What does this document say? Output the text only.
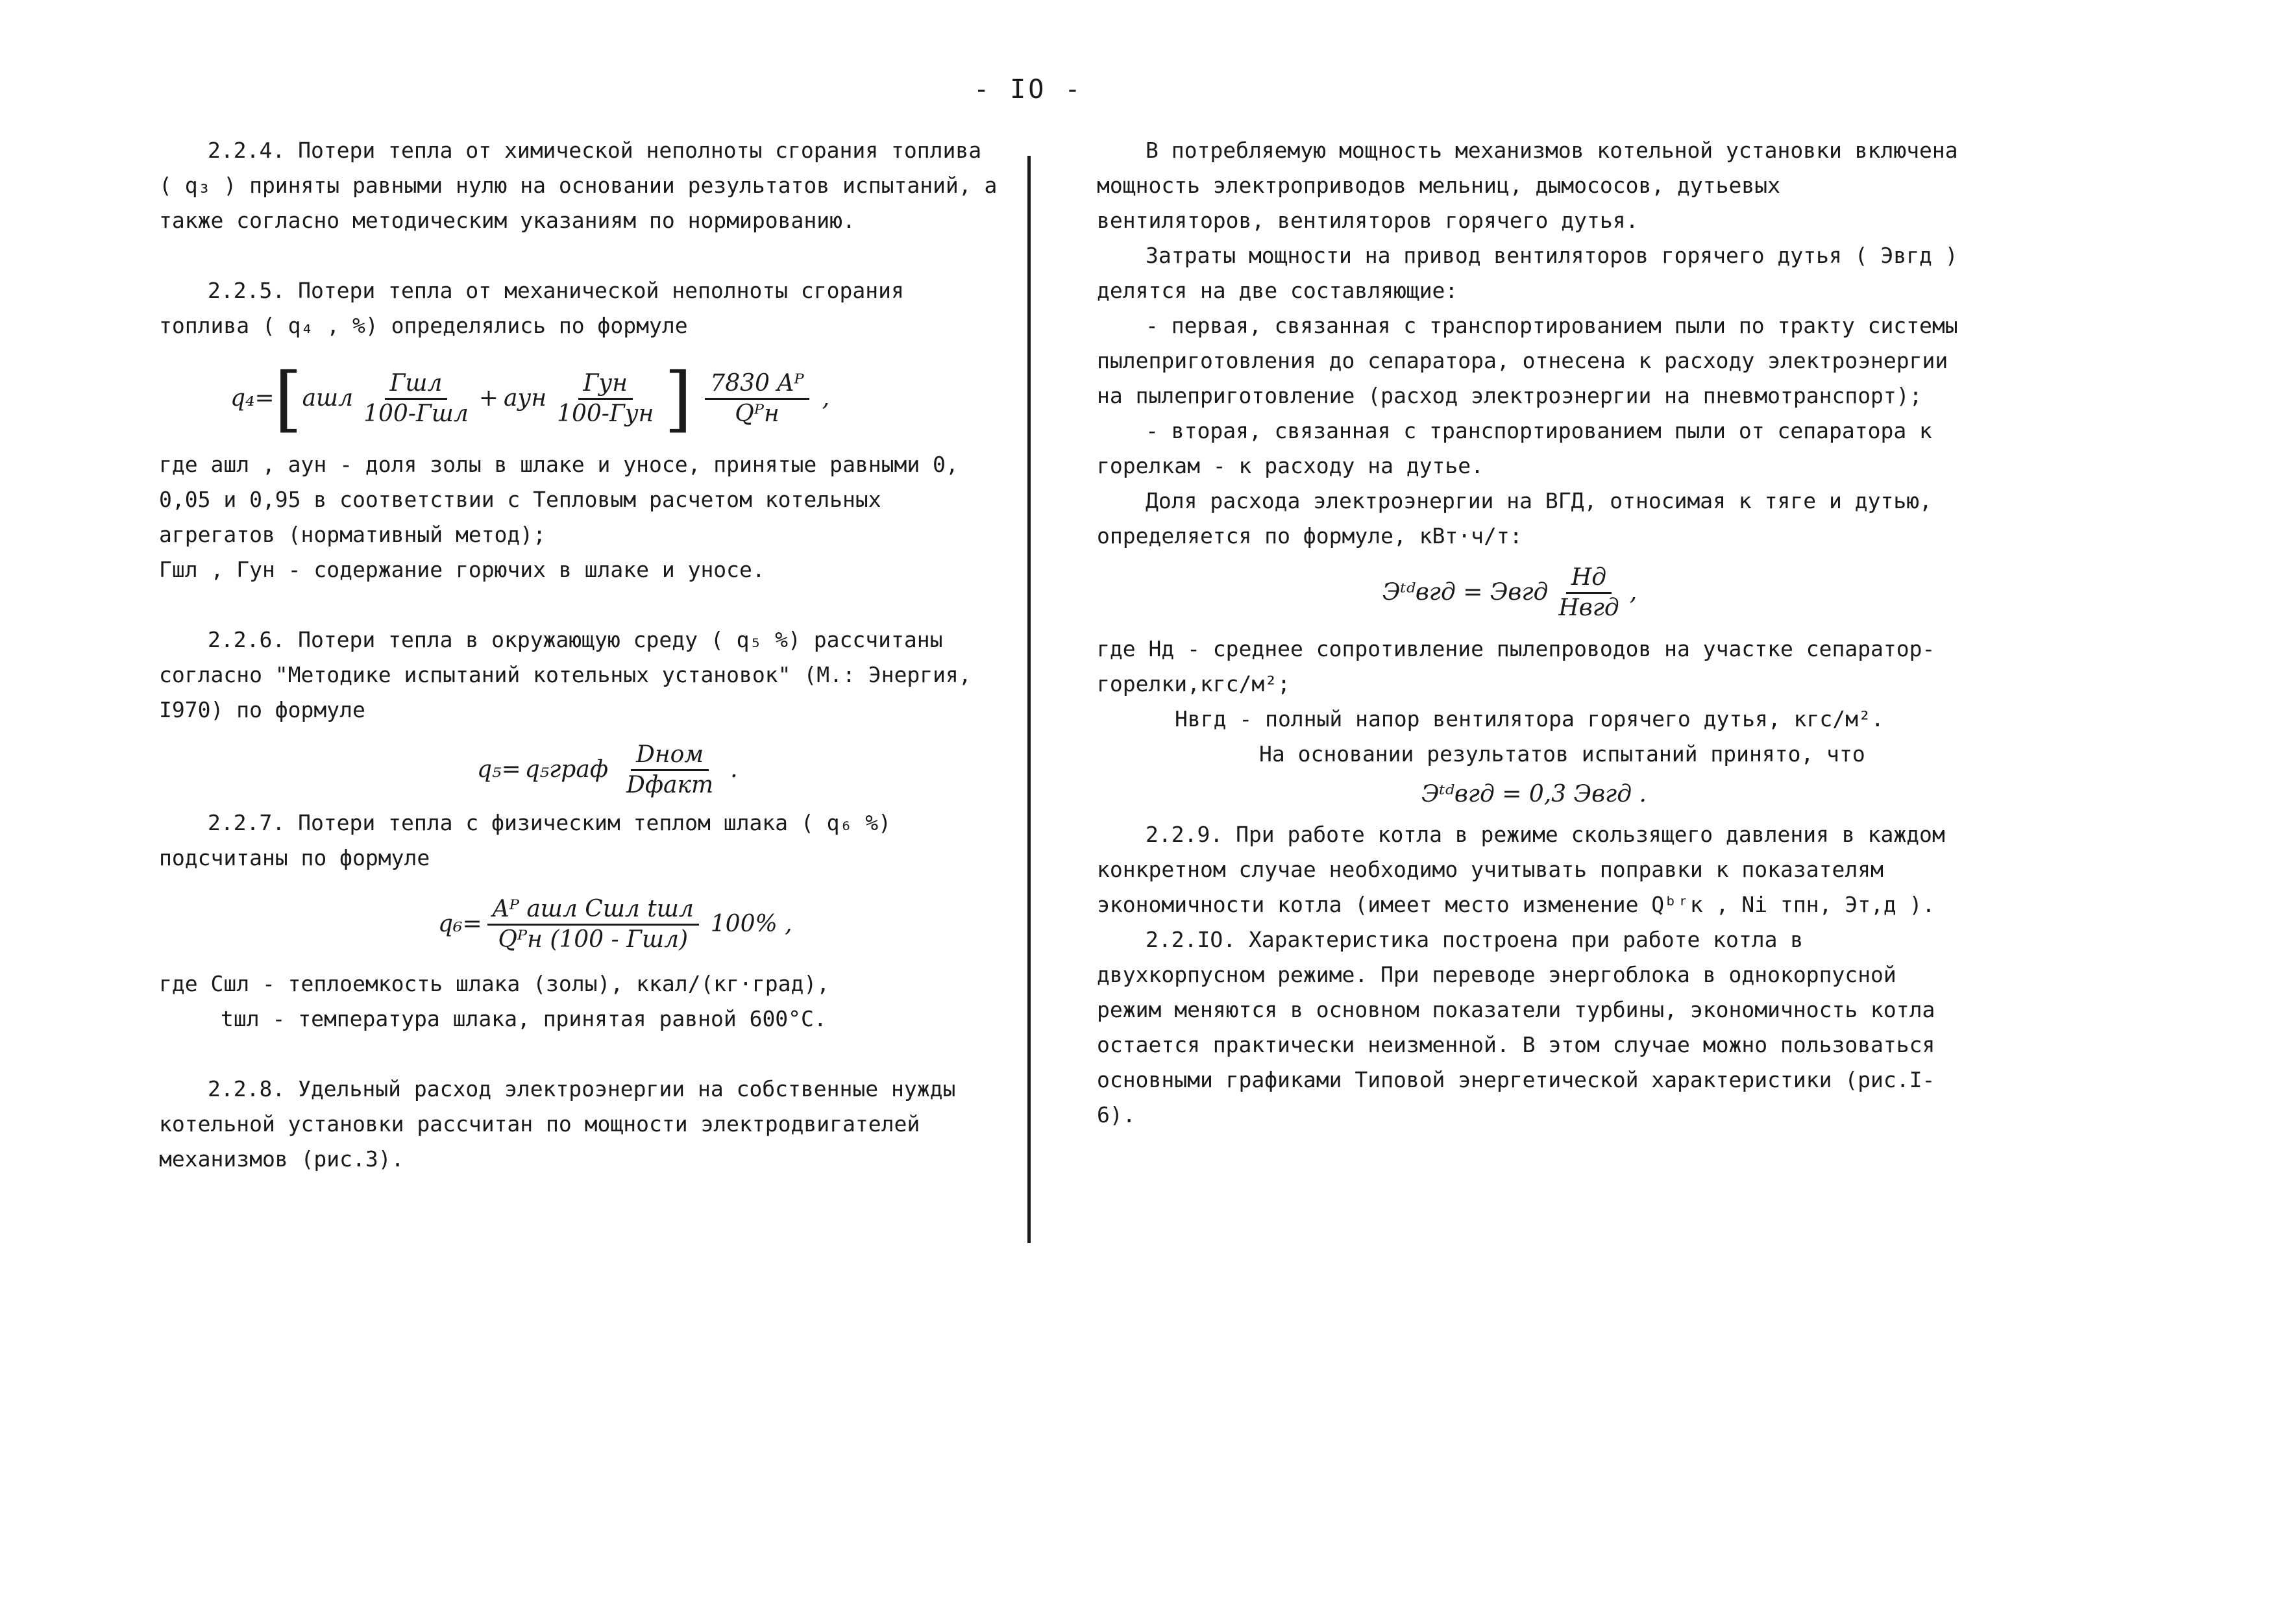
- IO -

2.2.4. Потери тепла от химической неполноты сгорания топлива ( q₃ ) приняты равными нулю на основании результатов испытаний, а также согласно методическим указаниям по нормированию.

2.2.5. Потери тепла от механической неполноты сгорания топлива ( q₄ , %) определялись по формуле

q₄ = [ aшл $\frac{\text{Гшл}}{\text{100-Гшл}}$ + aун $\frac{\text{Гун}}{\text{100-Гун}}$ ] $\frac{\text{7830 Aᴾ}}{\text{Qᴾн}}$ ,

где aшл , aун - доля золы в шлаке и уносе, принятые равными 0, 0,05 и 0,95 в соответствии с Тепловым расчетом котельных агрегатов (нормативный метод);

Гшл , Гун - содержание горючих в шлаке и уносе.

2.2.6. Потери тепла в окружающую среду ( q₅ %) рассчитаны согласно "Методике испытаний котельных установок" (М.: Энергия, I970) по формуле

q₅= q₅граф $\frac{\text{Dном}}{\text{Dфакт}}$ .

2.2.7. Потери тепла с физическим теплом шлака ( q₆ %) подсчитаны по формуле

$q_6= \frac{\text{Aᴾ aшл Cшл tшл}}{\text{Qᴾн (100 - Гшл)}} 100\%$ ,

где Cшл - теплоемкость шлака (золы), ккал/(кг·град),

tшл - температура шлака, принятая равной 600°C.

2.2.8. Удельный расход электроэнергии на собственные нужды котельной установки рассчитан по мощности электродвигателей механизмов (рис.3).

В потребляемую мощность механизмов котельной установки включена мощность электроприводов мельниц, дымососов, дутьевых вентиляторов, вентиляторов горячего дутья.

Затраты мощности на привод вентиляторов горячего дутья ( Эвгд ) делятся на две составляющие:

- первая, связанная с транспортированием пыли по тракту системы пылеприготовления до сепаратора, отнесена к расходу электроэнергии на пылеприготовление (расход электроэнергии на пневмотранспорт);

- вторая, связанная с транспортированием пыли от сепаратора к горелкам - к расходу на дутье.

Доля расхода электроэнергии на ВГД, относимая к тяге и дутью, определяется по формуле, кВт·ч/т:

Эᵗᵈвгд = Эвгд $\frac{Hд}{\text{Hвгд}}$ ,

где Hд - среднее сопротивление пылепроводов на участке сепаратор-горелки,кгс/м²;

Hвгд - полный напор вентилятора горячего дутья, кгс/м².

На основании результатов испытаний принято, что

Эᵗᵈвгд = 0,3 Эвгд .

2.2.9. При работе котла в режиме скользящего давления в каждом конкретном случае необходимо учитывать поправки к показателям экономичности котла (имеет место изменение Qᵇʳк , Ni тпн, Эт,д ).

2.2.IO. Характеристика построена при работе котла в двухкорпусном режиме. При переводе энергоблока в однокорпусной режим меняются в основном показатели турбины, экономичность котла остается практически неизменной. В этом случае можно пользоваться основными графиками Типовой энергетической характеристики (рис.I-6).
